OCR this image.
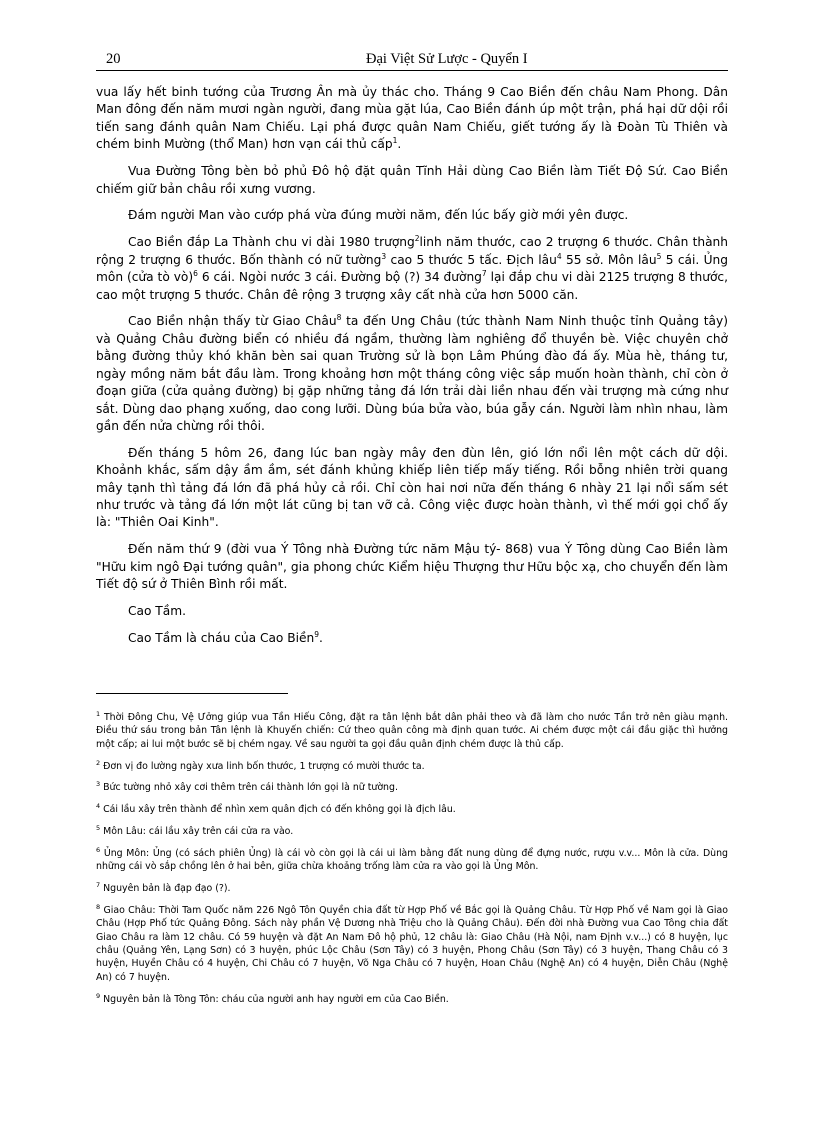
20	Đại Việt Sử Lược - Quyển I

vua lấy hết binh tướng của Trương Ân mà ủy thác cho. Tháng 9 Cao Biền đến châu Nam Phong. Dân Man đông đến năm mươi ngàn người, đang mùa gặt lúa, Cao Biền đánh úp một trận, phá hại dữ dội rồi tiến sang đánh quân Nam Chiếu. Lại phá được quân Nam Chiếu, giết tướng ấy là Đoàn Tù Thiên và chém binh Mường (thổ Man) hơn vạn cái thủ cấp$^1$.

Vua Đường Tông bèn bỏ phủ Đô hộ đặt quân Tĩnh Hải dùng Cao Biền làm Tiết Độ Sứ. Cao Biền chiếm giữ bản châu rồi xưng vương.

Đám người Man vào cướp phá vừa đúng mười năm, đến lúc bấy giờ mới yên được.

Cao Biền đắp La Thành chu vi dài 1980 trượng$^2$linh năm thước, cao 2 trượng 6 thước. Chân thành rộng 2 trượng 6 thước. Bốn thành có nữ tường$^3$ cao 5 thước 5 tấc. Địch lâu$^4$ 55 sở. Môn lâu$^5$ 5 cái. Ủng môn (cửa tò vò)$^6$ 6 cái. Ngòi nước 3 cái. Đường bộ (?) 34 đường$^7$ lại đắp chu vi dài 2125 trượng 8 thước, cao một trượng 5 thước. Chân đê rộng 3 trượng xây cất nhà cửa hơn 5000 căn.

Cao Biền nhận thấy từ Giao Châu$^8$ ta đến Ung Châu (tức thành Nam Ninh thuộc tỉnh Quảng tây) và Quảng Châu đường biển có nhiều đá ngầm, thường làm nghiêng đổ thuyền bè. Việc chuyên chở bằng đường thủy khó khăn bèn sai quan Trường sử là bọn Lâm Phúng đào đá ấy. Mùa hè, tháng tư, ngày mồng năm bắt đầu làm. Trong khoảng hơn một tháng công việc sắp muốn hoàn thành, chỉ còn ở đoạn giữa (cửa quảng đường) bị gặp những tảng đá lớn trải dài liền nhau đến vài trượng mà cứng như sắt. Dùng dao phạng xuống, dao cong lưỡi. Dùng búa bửa vào, búa gẫy cán. Người làm nhìn nhau, làm gần đến nửa chừng rồi thôi.

Đến tháng 5 hôm 26, đang lúc ban ngày mây đen đùn lên, gió lớn nổi lên một cách dữ dội. Khoảnh khắc, sấm dậy ầm ầm, sét đánh khủng khiếp liên tiếp mấy tiếng. Rồi bỗng nhiên trời quang mây tạnh thì tảng đá lớn đã phá hủy cả rồi. Chỉ còn hai nơi nữa đến tháng 6 nhày 21 lại nổi sấm sét như trước và tảng đá lớn một lát cũng bị tan vỡ cả. Công việc được hoàn thành, vì thế mới gọi chổ ấy là: "Thiên Oai Kinh".

Đến năm thứ 9 (đời vua Ý Tông nhà Đường tức năm Mậu tý- 868) vua Ý Tông dùng Cao Biền làm "Hữu kim ngô Đại tướng quân", gia phong chức Kiểm hiệu Thượng thư Hữu bộc xạ, cho chuyển đến làm Tiết độ sứ ở Thiên Bình rồi mất.

Cao Tầm.

Cao Tầm là cháu của Cao Biền$^9$.

$^1$ Thời Đông Chu, Vệ Ưởng giúp vua Tần Hiếu Công, đặt ra tân lệnh bắt dân phải theo và đã làm cho nước Tần trở nên giàu mạnh. Điều thứ sáu trong bản Tân lệnh là Khuyến chiến: Cứ theo quân công mà định quan tước. Ai chém được một cái đầu giặc thì hưởng một cấp; ai lui một bước sẽ bị chém ngay. Về sau người ta gọi đầu quân định chém được là thủ cấp.
$^2$ Đơn vị đo lường ngày xưa linh bốn thước, 1 trượng có mười thước ta.
$^3$ Bức tường nhỏ xây cơi thêm trên cái thành lớn gọi là nữ tường.
$^4$ Cái lầu xây trên thành để nhìn xem quân địch có đến không gọi là địch lâu.
$^5$ Môn Lâu: cái lầu xây trên cái cửa ra vào.
$^6$ Ủng Môn: Ủng (có sách phiên Ủng) là cái vò còn gọi là cái ui làm bằng đất nung dùng để đựng nước, rượu v.v... Môn là cửa. Dùng những cái vò sắp chồng lên ở hai bên, giữa chừa khoảng trống làm cửa ra vào gọi là Ủng Môn.
$^7$ Nguyên bản là đạp đạo (?).
$^8$ Giao Châu: Thời Tam Quốc năm 226 Ngô Tôn Quyền chia đất từ Hợp Phố về Bắc gọi là Quảng Châu. Từ Hợp Phố về Nam gọi là Giao Châu (Hợp Phố tức Quảng Đông. Sách này phần Vệ Dương nhà Triệu cho là Quảng Châu). Đến đời nhà Đường vua Cao Tông chia đất Giao Châu ra làm 12 châu. Có 59 huyện và đặt An Nam Đô hộ phủ, 12 châu là: Giao Châu (Hà Nội, nam Định v.v...) có 8 huyện, lục châu (Quảng Yên, Lạng Sơn) có 3 huyện, phúc Lộc Châu (Sơn Tây) có 3 huyện, Phong Châu (Sơn Tây) có 3 huyện, Thang Châu có 3 huyện, Huyền Châu có 4 huyện, Chi Châu có 7 huyện, Võ Nga Châu có 7 huyện, Hoan Châu (Nghệ An) có 4 huyện, Diễn Châu (Nghệ An) có 7 huyện.
$^9$ Nguyên bản là Tòng Tôn: cháu của người anh hay người em của Cao Biền.
